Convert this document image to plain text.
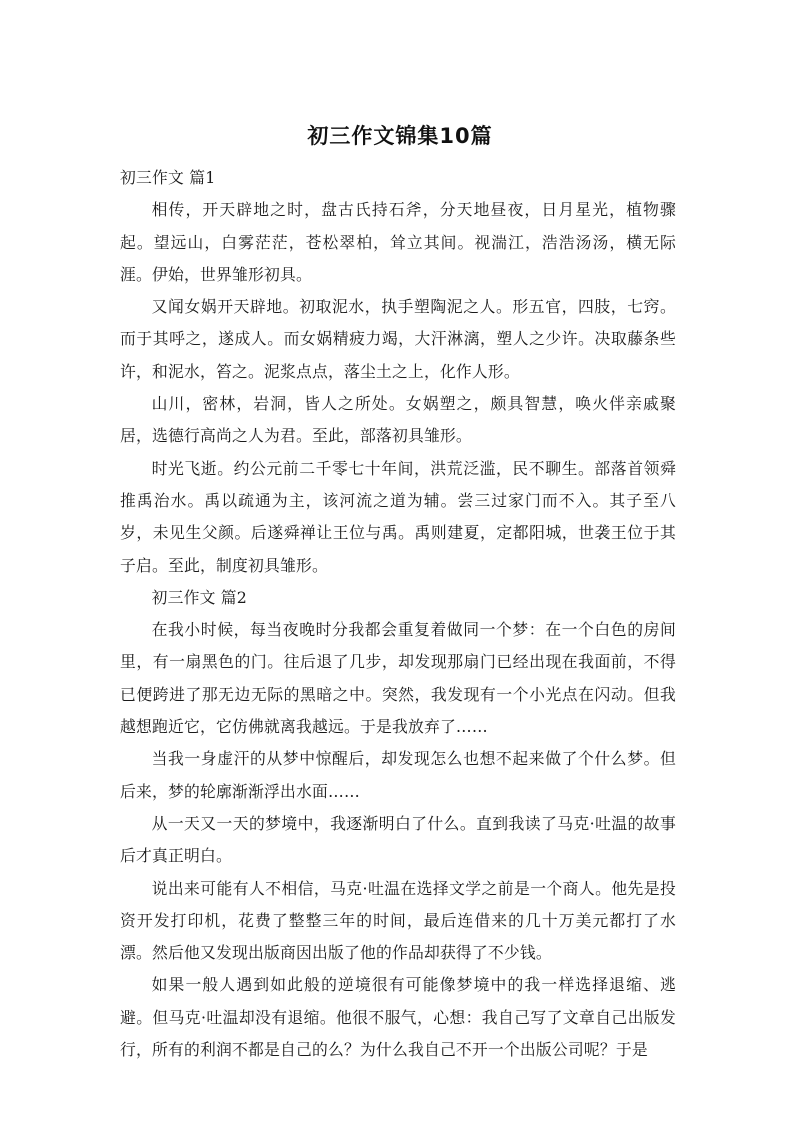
初三作文锦集10篇

初三作文 篇1

相传，开天辟地之时，盘古氏持石斧，分天地昼夜，日月星光，植物骤起。望远山，白雾茫茫，苍松翠柏，耸立其间。视湍江，浩浩汤汤，横无际涯。伊始，世界雏形初具。

又闻女娲开天辟地。初取泥水，执手塑陶泥之人。形五官，四肢，七窍。而于其呼之，遂成人。而女娲精疲力竭，大汗淋漓，塑人之少许。决取藤条些许，和泥水，笞之。泥浆点点，落尘土之上，化作人形。

山川，密林，岩洞，皆人之所处。女娲塑之，颇具智慧，唤火伴亲戚聚居，选德行高尚之人为君。至此，部落初具雏形。

时光飞逝。约公元前二千零七十年间，洪荒泛滥，民不聊生。部落首领舜推禹治水。禹以疏通为主，该河流之道为辅。尝三过家门而不入。其子至八岁，未见生父颜。后遂舜禅让王位与禹。禹则建夏，定都阳城，世袭王位于其子启。至此，制度初具雏形。

初三作文 篇2

在我小时候，每当夜晚时分我都会重复着做同一个梦：在一个白色的房间里，有一扇黑色的门。往后退了几步，却发现那扇门已经出现在我面前，不得已便跨进了那无边无际的黑暗之中。突然，我发现有一个小光点在闪动。但我越想跑近它，它仿佛就离我越远。于是我放弃了……

当我一身虚汗的从梦中惊醒后，却发现怎么也想不起来做了个什么梦。但后来，梦的轮廓渐渐浮出水面……

从一天又一天的梦境中，我逐渐明白了什么。直到我读了马克·吐温的故事后才真正明白。

说出来可能有人不相信，马克·吐温在选择文学之前是一个商人。他先是投资开发打印机，花费了整整三年的时间，最后连借来的几十万美元都打了水漂。然后他又发现出版商因出版了他的作品却获得了不少钱。

如果一般人遇到如此般的逆境很有可能像梦境中的我一样选择退缩、逃避。但马克·吐温却没有退缩。他很不服气，心想：我自己写了文章自己出版发行，所有的利润不都是自己的么？为什么我自己不开一个出版公司呢？于是
